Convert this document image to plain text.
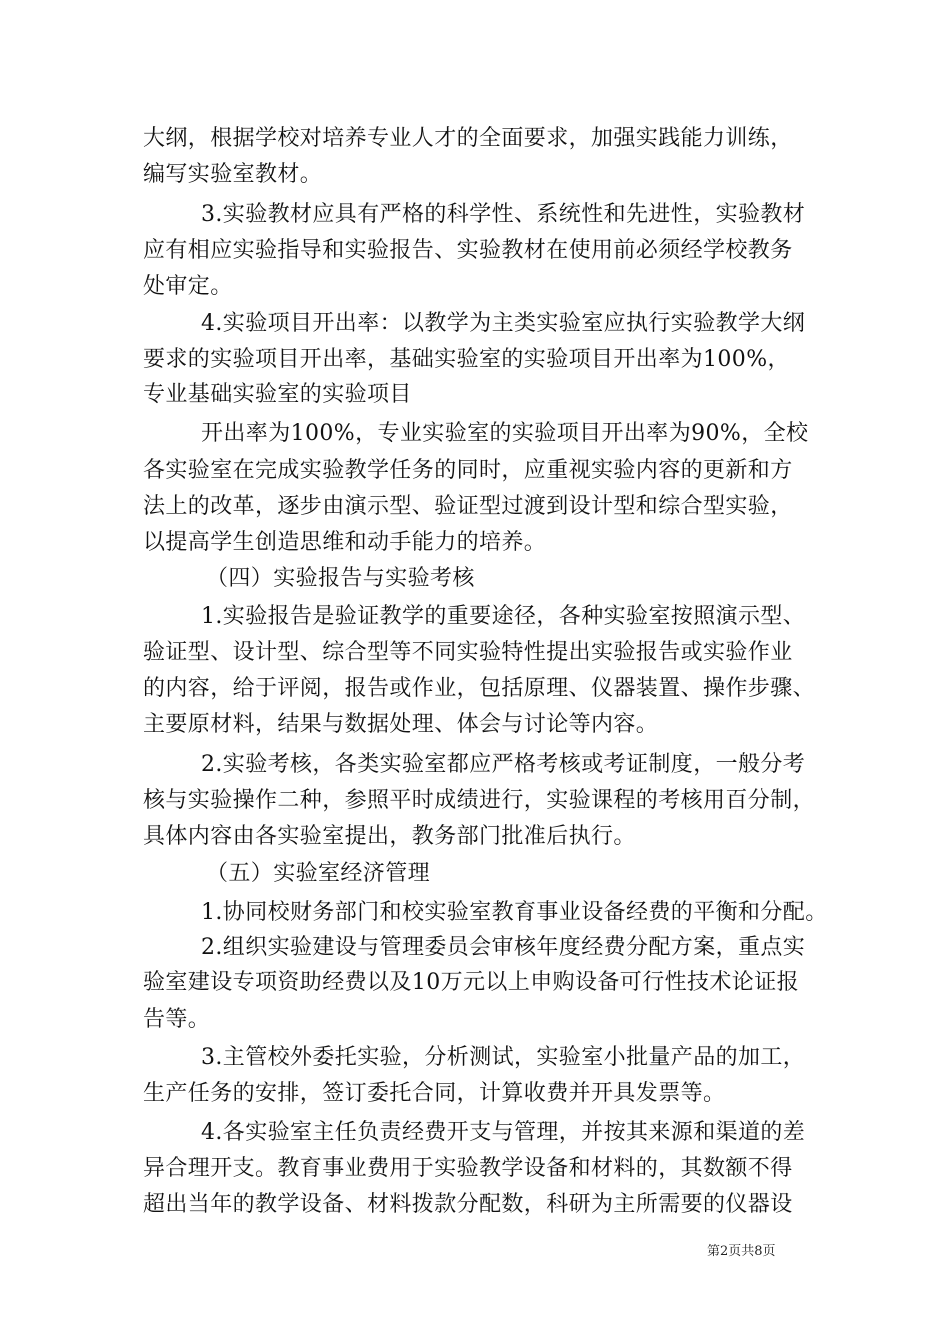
大纲，根据学校对培养专业人才的全面要求，加强实践能力训练，
编写实验室教材。
3.实验教材应具有严格的科学性、系统性和先进性，实验教材
应有相应实验指导和实验报告、实验教材在使用前必须经学校教务
处审定。
4.实验项目开出率：以教学为主类实验室应执行实验教学大纲
要求的实验项目开出率，基础实验室的实验项目开出率为100%，
专业基础实验室的实验项目
开出率为100%，专业实验室的实验项目开出率为90%，全校
各实验室在完成实验教学任务的同时，应重视实验内容的更新和方
法上的改革，逐步由演示型、验证型过渡到设计型和综合型实验，
以提高学生创造思维和动手能力的培养。
（四）实验报告与实验考核
1.实验报告是验证教学的重要途径，各种实验室按照演示型、
验证型、设计型、综合型等不同实验特性提出实验报告或实验作业
的内容，给于评阅，报告或作业，包括原理、仪器装置、操作步骤、
主要原材料，结果与数据处理、体会与讨论等内容。
2.实验考核，各类实验室都应严格考核或考证制度，一般分考
核与实验操作二种，参照平时成绩进行，实验课程的考核用百分制，
具体内容由各实验室提出，教务部门批准后执行。
（五）实验室经济管理
1.协同校财务部门和校实验室教育事业设备经费的平衡和分配。
2.组织实验建设与管理委员会审核年度经费分配方案，重点实
验室建设专项资助经费以及10万元以上申购设备可行性技术论证报
告等。
3.主管校外委托实验，分析测试，实验室小批量产品的加工，
生产任务的安排，签订委托合同，计算收费并开具发票等。
4.各实验室主任负责经费开支与管理，并按其来源和渠道的差
异合理开支。教育事业费用于实验教学设备和材料的，其数额不得
超出当年的教学设备、材料拨款分配数，科研为主所需要的仪器设
第2页共8页
